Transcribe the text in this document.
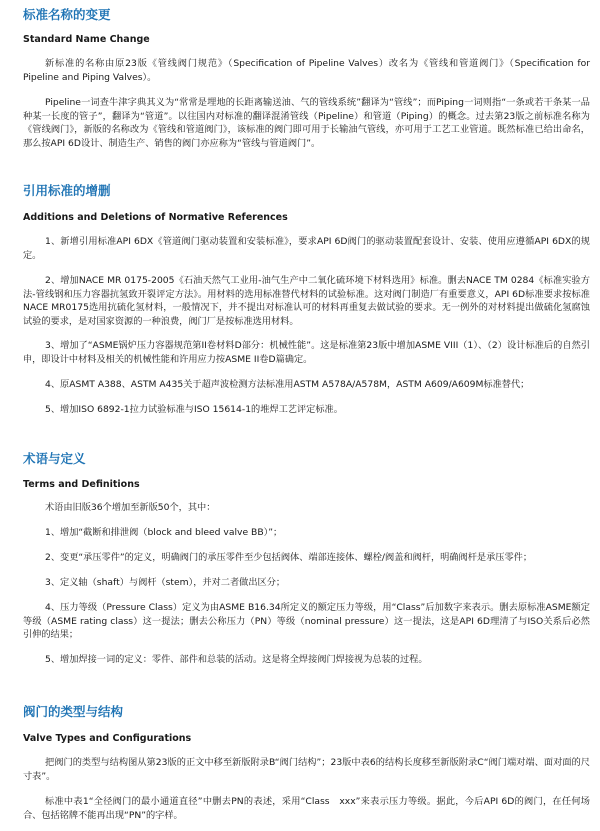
标准名称的变更
Standard Name Change

新标准的名称由原23版《管线阀门规范》（Specification of Pipeline Valves）改名为《管线和管道阀门》（Specification for Pipeline and Piping Valves）。

Pipeline一词查牛津字典其义为“常常是埋地的长距离输送油、气的管线系统”翻译为“管线”；而Piping一词则指“一条或若干条某一品种某一长度的管子”，翻译为“管道”。以往国内对标准的翻译混淆管线（Pipeline）和管道（Piping）的概念。过去第23版之前标准名称为《管线阀门》，新版的名称改为《管线和管道阀门》，该标准的阀门即可用于长输油气管线，亦可用于工艺工业管道。既然标准已给出命名，那么按API 6D设计、制造生产、销售的阀门亦应称为“管线与管道阀门”。

引用标准的增删
Additions and Deletions of Normative References

1、新增引用标准API 6DX《管道阀门驱动装置和安装标准》，要求API 6D阀门的驱动装置配套设计、安装、使用应遵循API 6DX的规定。

2、增加NACE MR 0175-2005《石油天然气工业用-油气生产中二氧化硫环境下材料选用》标准。删去NACE TM 0284《标准实验方法-管线钢和压力容器抗氢致开裂评定方法》。用材料的选用标准替代材料的试验标准。这对阀门制造厂有重要意义，API 6D标准要求按标准NACE MR0175选用抗硫化氢材料，一般情况下，并不提出对标准认可的材料再重复去做试验的要求。无一例外的对材料提出做硫化氢腐蚀试验的要求，是对国家资源的一种浪费，阀门厂是按标准选用材料。

3、增加了“ASME锅炉压力容器规范第II卷材料D部分：机械性能”。这是标准第23版中增加ASME VIII（1）、（2）设计标准后的自然引申，即设计中材料及相关的机械性能和许用应力按ASME II卷D篇确定。

4、原ASMT A388、ASTM A435关于超声波检测方法标准用ASTM A578A/A578M，ASTM A609/A609M标准替代；

5、增加ISO 6892-1拉力试验标准与ISO 15614-1的堆焊工艺评定标准。

术语与定义
Terms and Definitions

术语由旧版36个增加至新版50个，其中：

1、增加“截断和排泄阀（block and bleed valve BB）”；

2、变更“承压零件”的定义，明确阀门的承压零件至少包括阀体、端部连接体、螺栓/阀盖和阀杆，明确阀杆是承压零件；

3、定义轴（shaft）与阀杆（stem），并对二者做出区分；

4、压力等级（Pressure Class）定义为由ASME B16.34所定义的额定压力等级，用“Class”后加数字来表示。删去原标准ASME额定等级（ASME rating class）这一提法；删去公称压力（PN）等级（nominal pressure）这一提法，这是API 6D理清了与ISO关系后必然引伸的结果；

5、增加焊接一词的定义：零件、部件和总装的活动。这是将全焊接阀门焊接视为总装的过程。

阀门的类型与结构
Valve Types and Configurations

把阀门的类型与结构图从第23版的正文中移至新版附录B“阀门结构”；23版中表6的结构长度移至新版附录C“阀门端对端、面对面的尺寸表”。

标准中表1“全径阀门的最小通道直径”中删去PN的表述，采用“Class　xxx”来表示压力等级。据此，今后API 6D的阀门，在任何场合、包括铭牌不能再出现“PN”的字样。
